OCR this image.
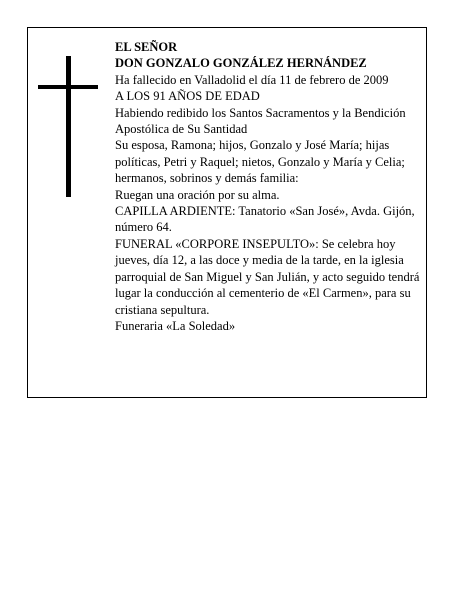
EL SEÑOR

DON GONZALO GONZÁLEZ HERNÁNDEZ

Ha fallecido en Valladolid el día 11 de febrero de 2009

A LOS 91 AÑOS DE EDAD

Habiendo redibido los Santos Sacramentos y la Bendición Apostólica de Su Santidad

Su esposa, Ramona; hijos, Gonzalo y José María; hijas políticas, Petri y Raquel; nietos, Gonzalo y María y Celia; hermanos, sobrinos y demás familia:

Ruegan una oración por su alma.

CAPILLA ARDIENTE: Tanatorio «San José», Avda. Gijón, número 64.

FUNERAL «CORPORE INSEPULTO»: Se celebra hoy jueves, día 12, a las doce y media de la tarde, en la iglesia parroquial de San Miguel y San Julián, y acto seguido tendrá lugar la conducción al cementerio de «El Carmen», para su cristiana sepultura.

Funeraria «La Soledad»
